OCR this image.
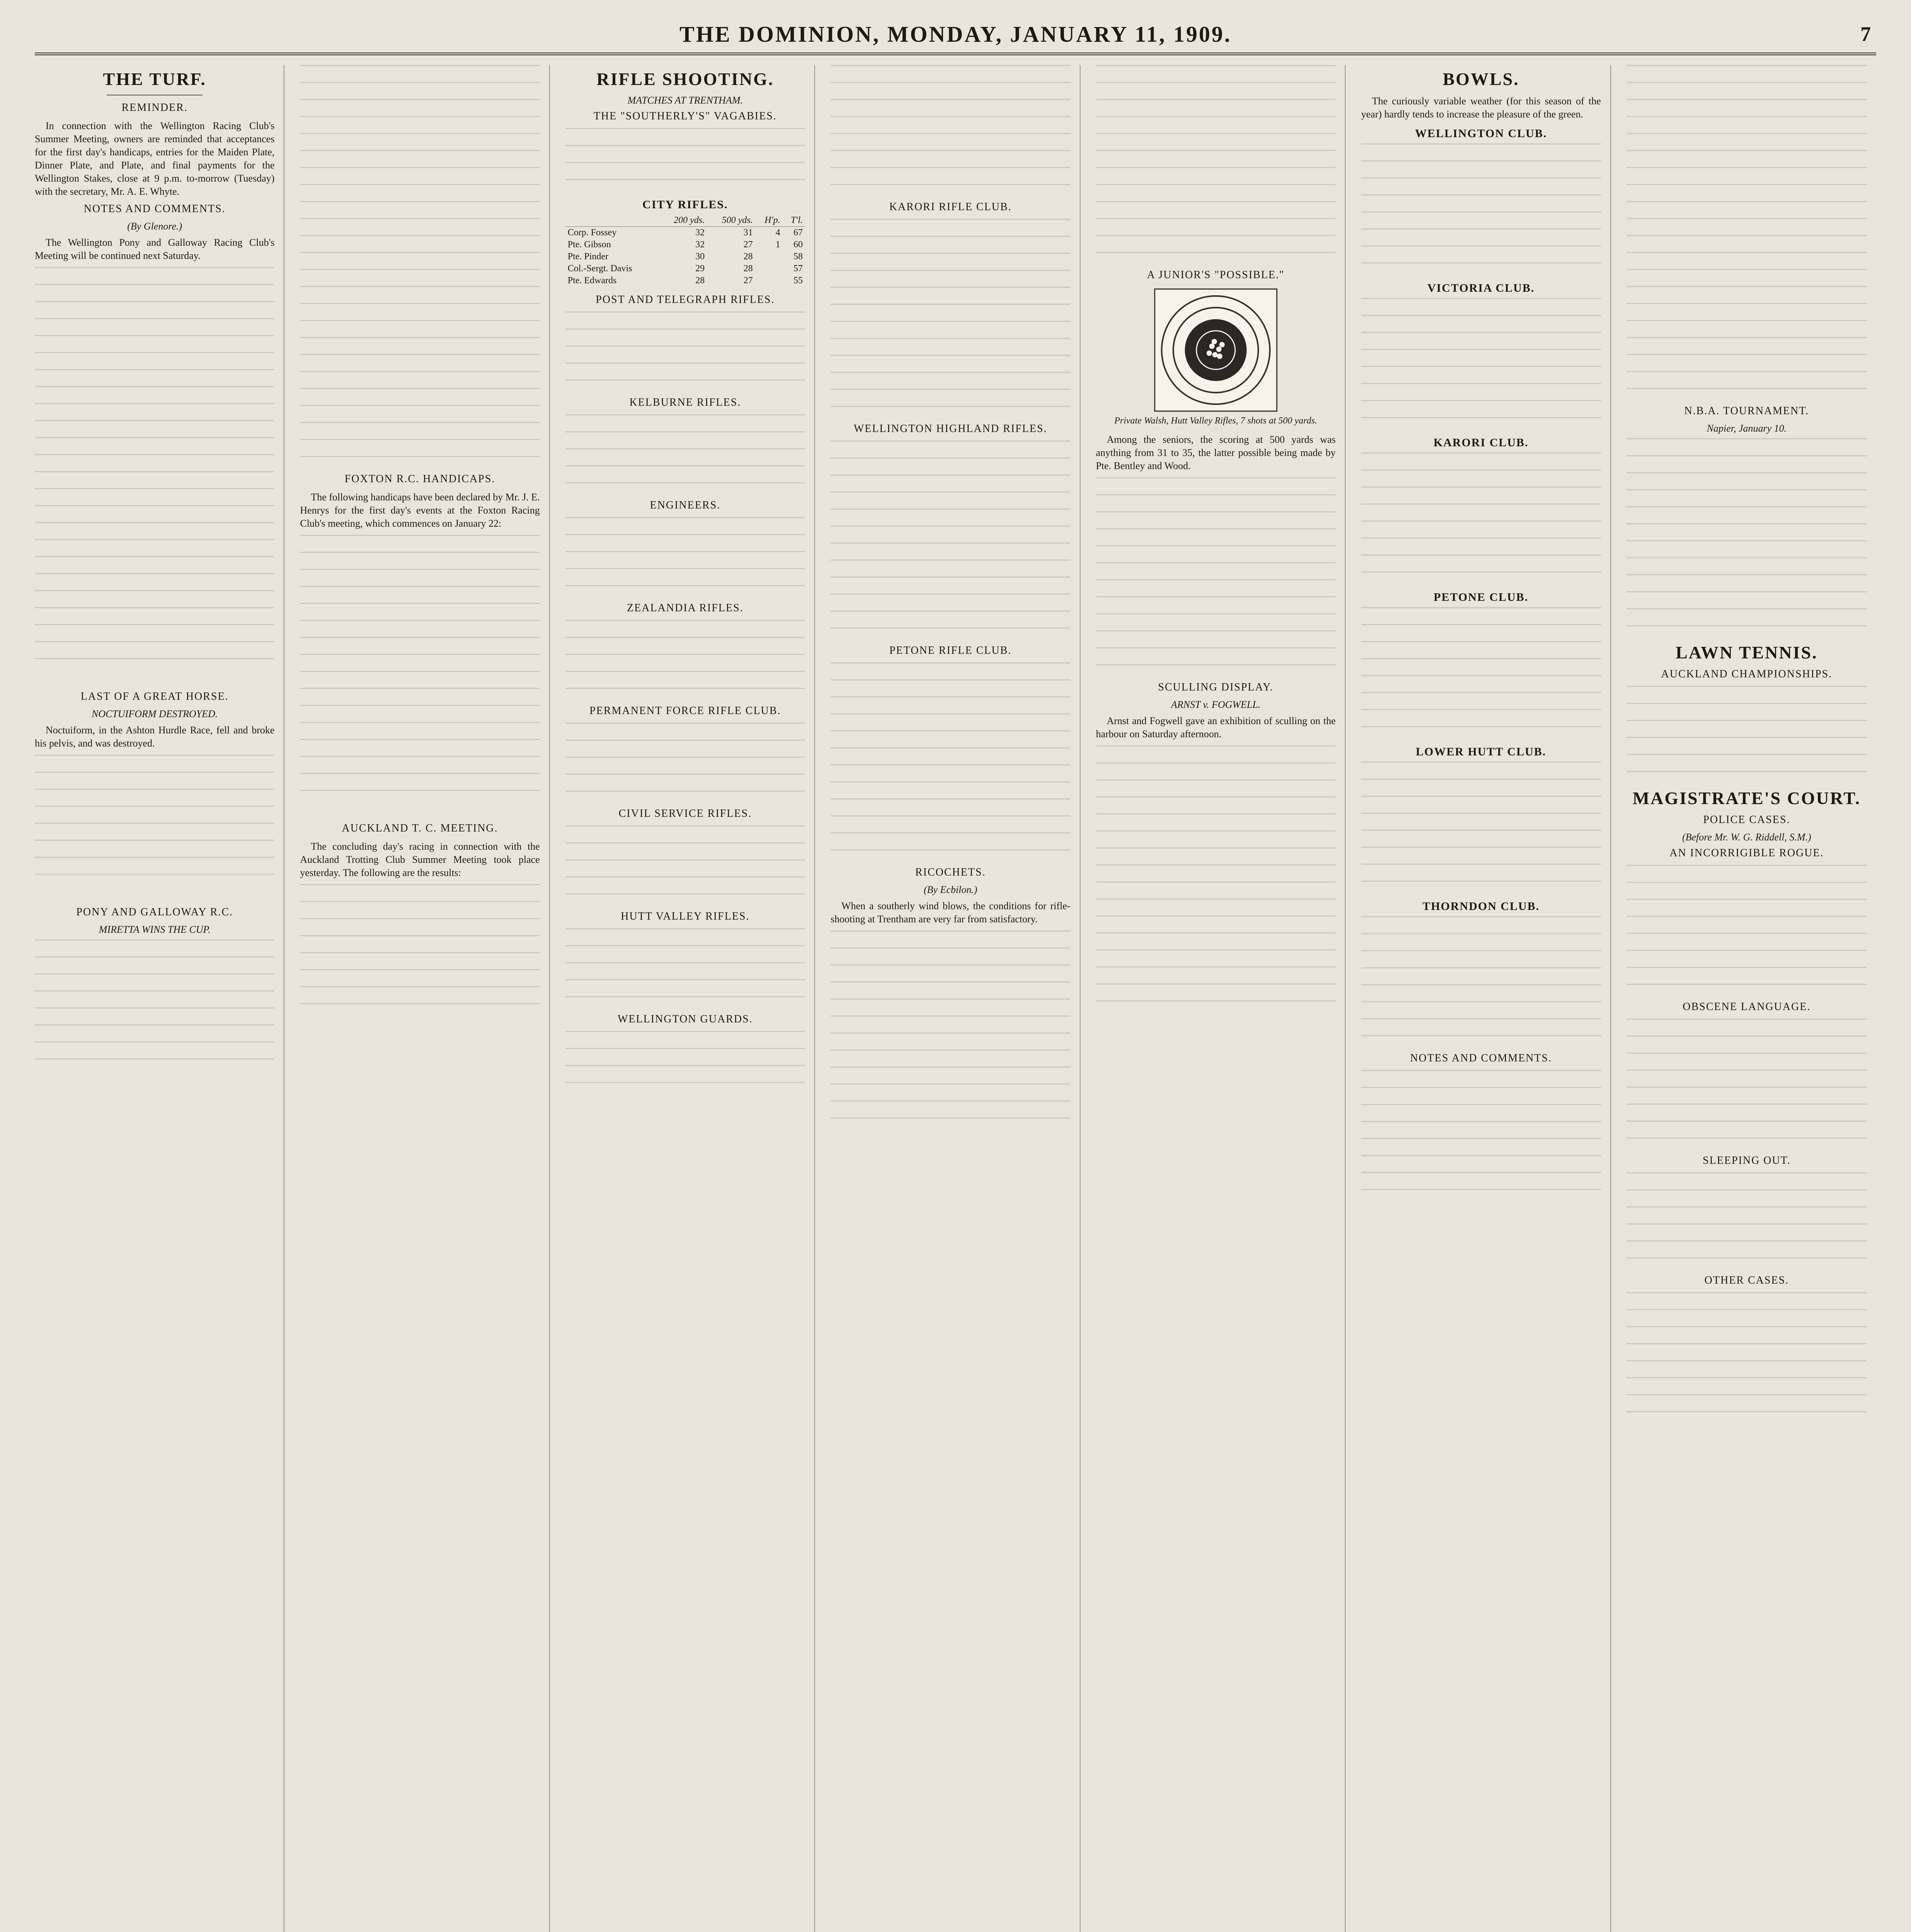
THE DOMINION, MONDAY, JANUARY 11, 1909.	7
THE TURF.
REMINDER.

In connection with the Wellington Racing Club's Summer Meeting, owners are reminded that acceptances for the first day's handicaps, entries for the Maiden Plate, Dinner Plate, and Plate, and final payments for the Wellington Stakes, close at 9 p.m. to-morrow (Tuesday) with the secretary, Mr. A. E. Whyte.

NOTES AND COMMENTS.
(By Glenore.)

The Wellington Pony and Galloway Racing Club's Meeting will be continued next Saturday.

LAST OF A GREAT HORSE.
NOCTUIFORM DESTROYED.

Noctuiform, in the Ashton Hurdle Race, fell and broke his pelvis, and was destroyed.

PONY AND GALLOWAY R.C.
MIRETTA WINS THE CUP.
FOXTON R.C. HANDICAPS.

The following handicaps have been declared by Mr. J. E. Henrys for the first day's events at the Foxton Racing Club's meeting, which commences on January 22:

AUCKLAND T. C. MEETING.

The concluding day's racing in connection with the Auckland Trotting Club Summer Meeting took place yesterday. The following are the results:

RIFLE SHOOTING.
MATCHES AT TRENTHAM.
THE "SOUTHERLY'S" VAGABIES.
CITY RIFLES.
	200 yds.	500 yds.	H'p.	T'l.
Corp. Fossey	32	31	4	67
Pte. Gibson	32	27	1	60
Pte. Pinder	30	28		58
Col.-Sergt. Davis	29	28		57
Pte. Edwards	28	27		55
POST AND TELEGRAPH RIFLES.
KELBURNE RIFLES.
ENGINEERS.
ZEALANDIA RIFLES.
PERMANENT FORCE RIFLE CLUB.
CIVIL SERVICE RIFLES.
HUTT VALLEY RIFLES.
WELLINGTON GUARDS.
KARORI RIFLE CLUB.
WELLINGTON HIGHLAND RIFLES.
PETONE RIFLE CLUB.
RICOCHETS.
(By Ecbilon.)

When a southerly wind blows, the conditions for rifle-shooting at Trentham are very far from satisfactory.

A JUNIOR'S "POSSIBLE."
Private Walsh, Hutt Valley Rifles, 7 shots at 500 yards.

Among the seniors, the scoring at 500 yards was anything from 31 to 35, the latter possible being made by Pte. Bentley and Wood.

SCULLING DISPLAY.
ARNST v. FOGWELL.

Arnst and Fogwell gave an exhibition of sculling on the harbour on Saturday afternoon.

BOWLS.

The curiously variable weather (for this season of the year) hardly tends to increase the pleasure of the green.

WELLINGTON CLUB.
VICTORIA CLUB.
KARORI CLUB.
PETONE CLUB.
LOWER HUTT CLUB.
THORNDON CLUB.
NOTES AND COMMENTS.
N.B.A. TOURNAMENT.
Napier, January 10.
LAWN TENNIS.
AUCKLAND CHAMPIONSHIPS.
MAGISTRATE'S COURT.
POLICE CASES.
(Before Mr. W. G. Riddell, S.M.)
AN INCORRIGIBLE ROGUE.
OBSCENE LANGUAGE.
SLEEPING OUT.
OTHER CASES.
